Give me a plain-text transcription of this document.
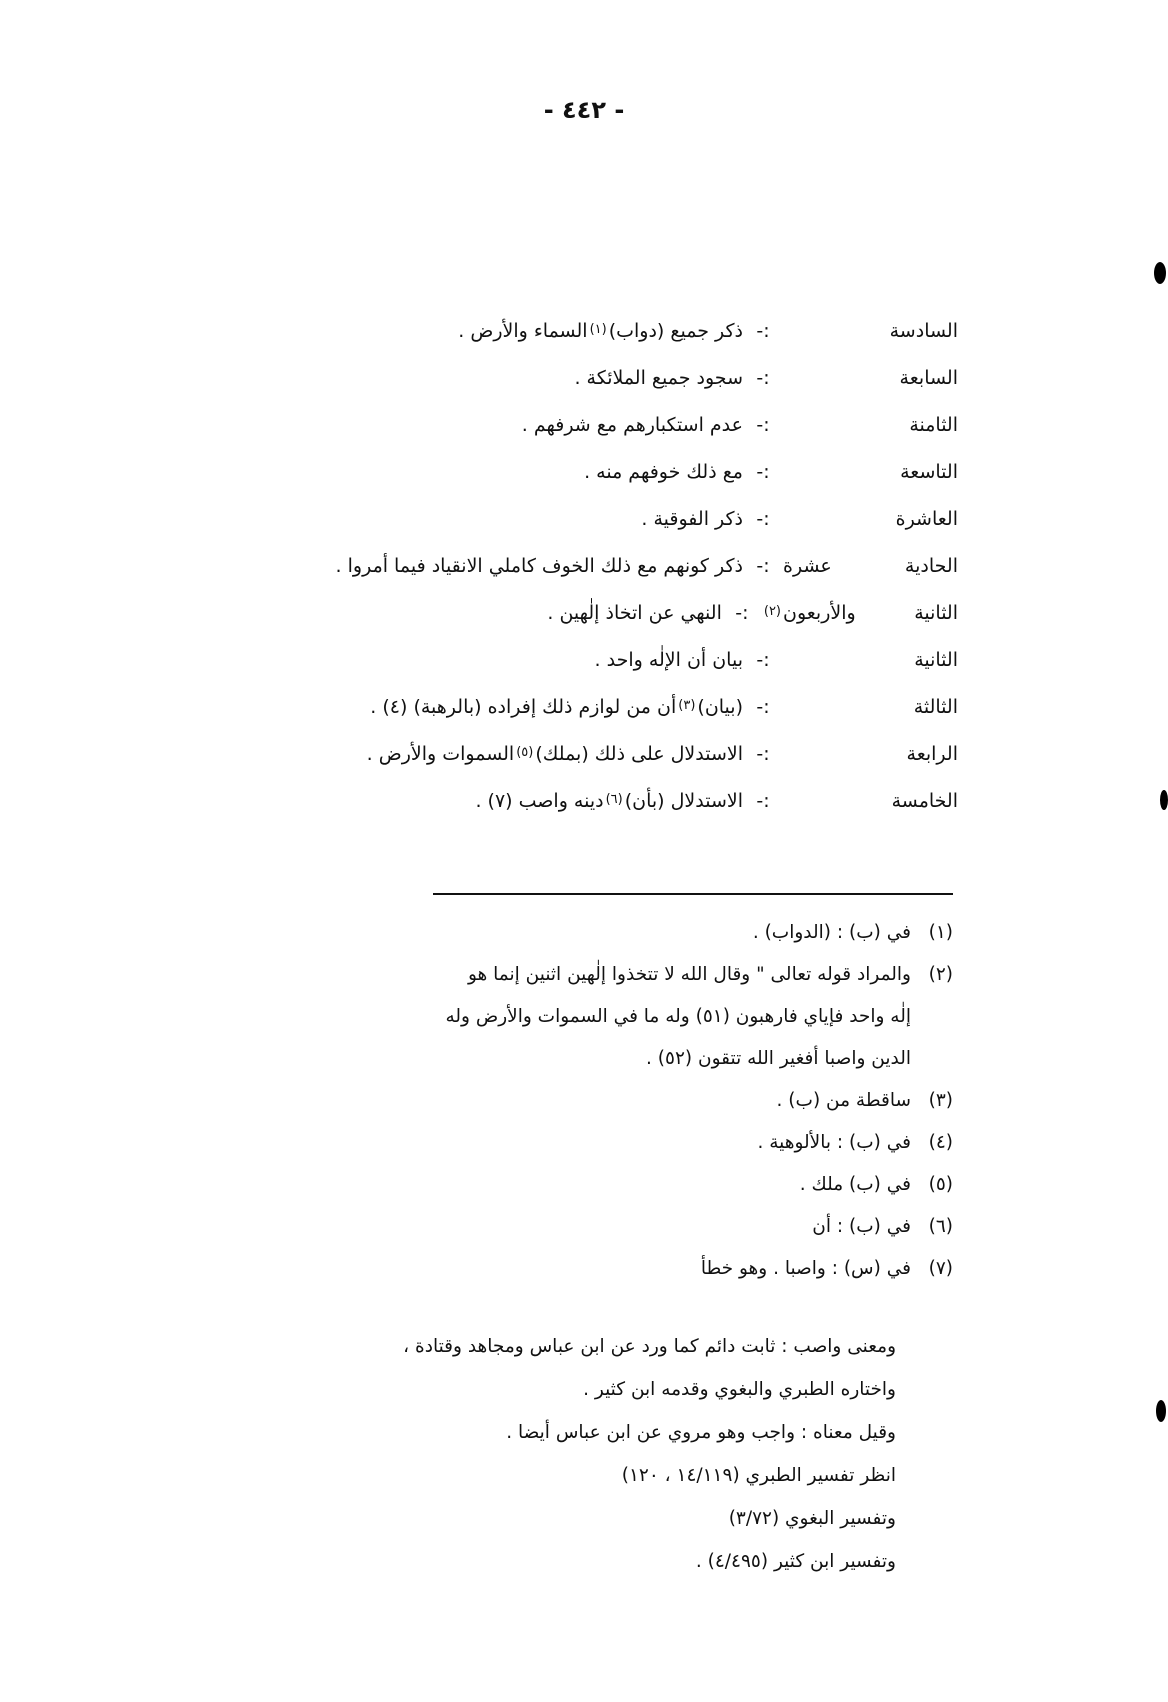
- ٤٤٢ -
السادسة
:-
ذكر جميع (دواب)
$^{(١)}$
السماء والأرض .
السابعة
:-
سجود جميع الملائكة .
الثامنة
:-
عدم استكبارهم مع شرفهم .
التاسعة
:-
مع ذلك خوفهم منه .
العاشرة
:-
ذكر الفوقية .
الحادية عشرة
:-
ذكر كونهم مع ذلك الخوف كاملي الانقياد فيما أمروا .
الثانية والأربعون
$^{(٢)}$
:-
النهي عن اتخاذ إلٰهين .
الثانية
:-
بيان أن الإلٰه واحد .
الثالثة
:-
(بيان)
$^{(٣)}$
أن من لوازم ذلك إفراده (بالرهبة) (٤) .
الرابعة
:-
الاستدلال على ذلك (بملك)
$^{(٥)}$
السموات والأرض .
الخامسة
:-
الاستدلال (بأن)
$^{(٦)}$
دينه واصب (٧) .
(١)
في (ب) : (الدواب) .
(٢)
والمراد قوله تعالى " وقال الله لا تتخذوا إلٰهين اثنين إنما هو
إلٰه واحد فإياي فارهبون (٥١) وله ما في السموات والأرض وله
الدين واصبا أفغير الله تتقون (٥٢) .
(٣)
ساقطة من (ب) .
(٤)
في (ب) : بالألوهية .
(٥)
في (ب) ملك .
(٦)
في (ب) : أن
(٧)
في (س) : واصبا . وهو خطأ
ومعنى واصب : ثابت دائم كما ورد عن ابن عباس ومجاهد وقتادة ،
واختاره الطبري والبغوي وقدمه ابن كثير .
وقيل معناه : واجب وهو مروي عن ابن عباس أيضا .
انظر تفسير الطبري (١٤/١١٩ ، ١٢٠)
وتفسير البغوي (٣/٧٢)
وتفسير ابن كثير (٤/٤٩٥) .
